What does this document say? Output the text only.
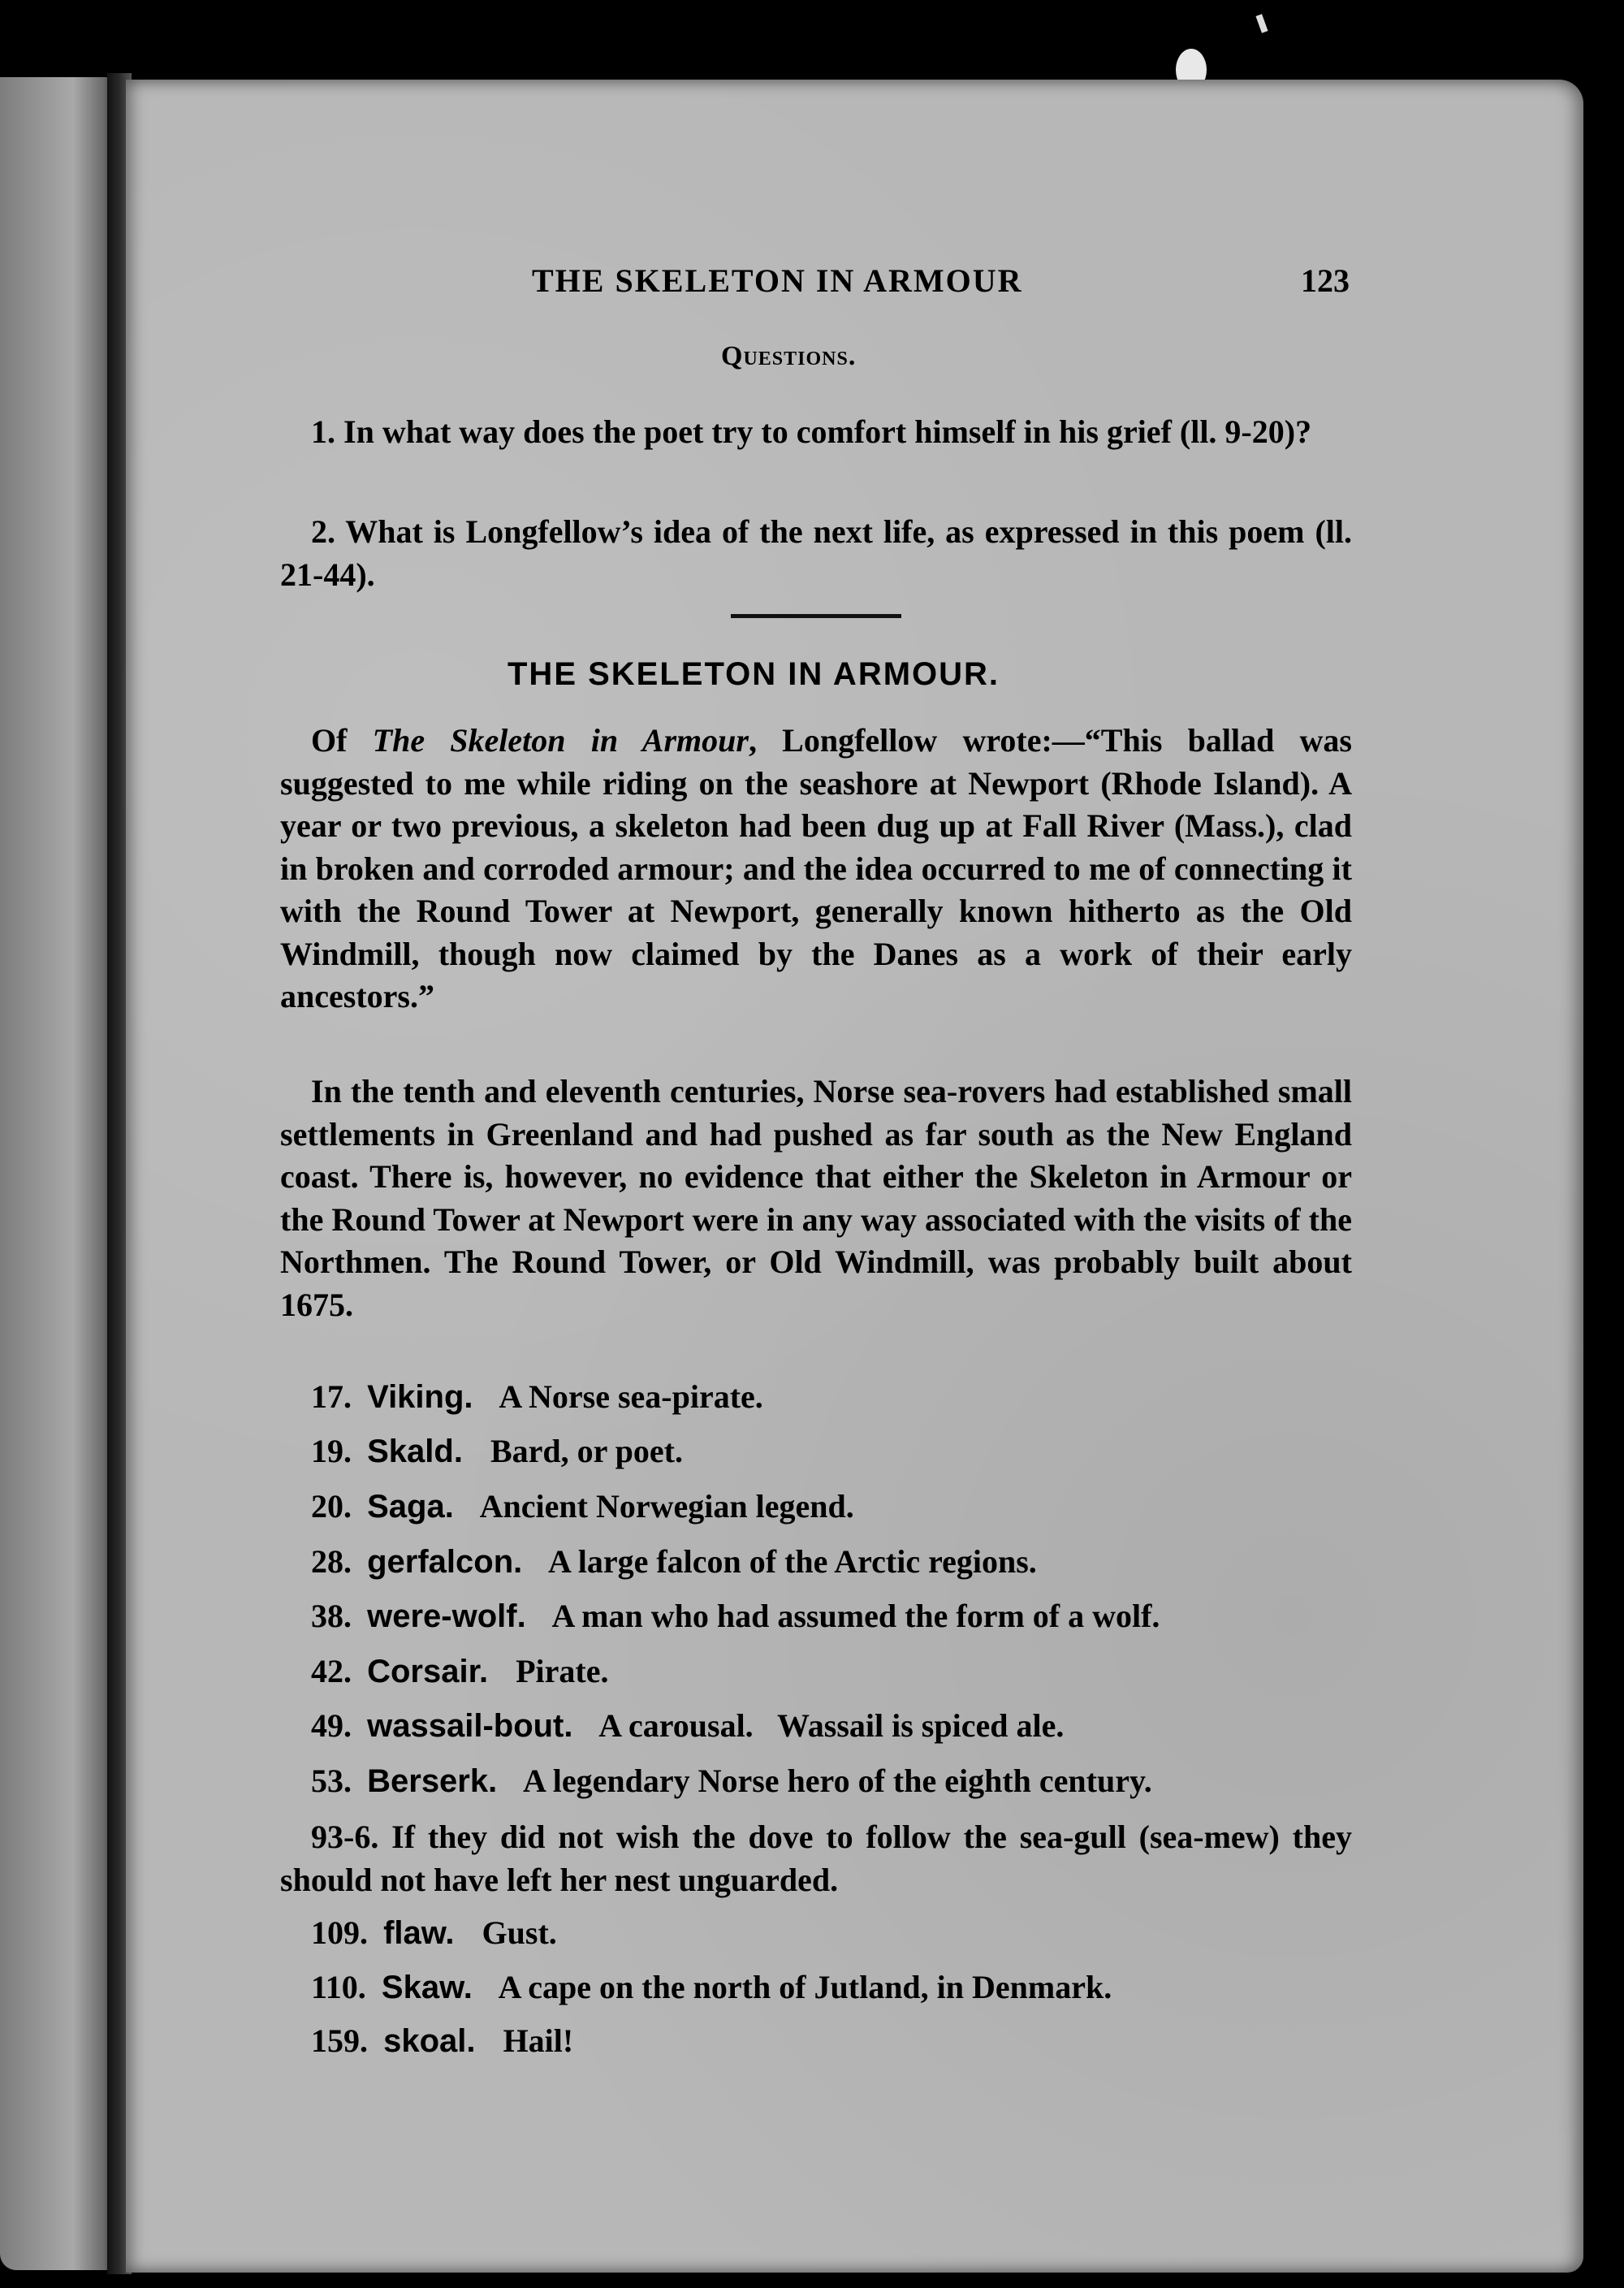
THE SKELETON IN ARMOUR	123
Questions.
1. In what way does the poet try to comfort himself in his grief (ll. 9-20)?
2. What is Longfellow’s idea of the next life, as expressed in this poem (ll. 21-44).
THE SKELETON IN ARMOUR.
Of The Skeleton in Armour, Longfellow wrote:—“This ballad was suggested to me while riding on the seashore at Newport (Rhode Island). A year or two previous, a skeleton had been dug up at Fall River (Mass.), clad in broken and corroded armour; and the idea occurred to me of connecting it with the Round Tower at Newport, generally known hitherto as the Old Windmill, though now claimed by the Danes as a work of their early ancestors.”
In the tenth and eleventh centuries, Norse sea-rovers had established small settlements in Greenland and had pushed as far south as the New England coast. There is, however, no evidence that either the Skeleton in Armour or the Round Tower at Newport were in any way associated with the visits of the Northmen. The Round Tower, or Old Windmill, was probably built about 1675.
17. Viking. A Norse sea-pirate.
19. Skald. Bard, or poet.
20. Saga. Ancient Norwegian legend.
28. gerfalcon. A large falcon of the Arctic regions.
38. were-wolf. A man who had assumed the form of a wolf.
42. Corsair. Pirate.
49. wassail-bout. A carousal.   Wassail is spiced ale.
53. Berserk. A legendary Norse hero of the eighth century.
93-6. If they did not wish the dove to follow the sea-gull (sea-mew) they should not have left her nest unguarded.
109. flaw. Gust.
110. Skaw. A cape on the north of Jutland, in Denmark.
159. skoal. Hail!
